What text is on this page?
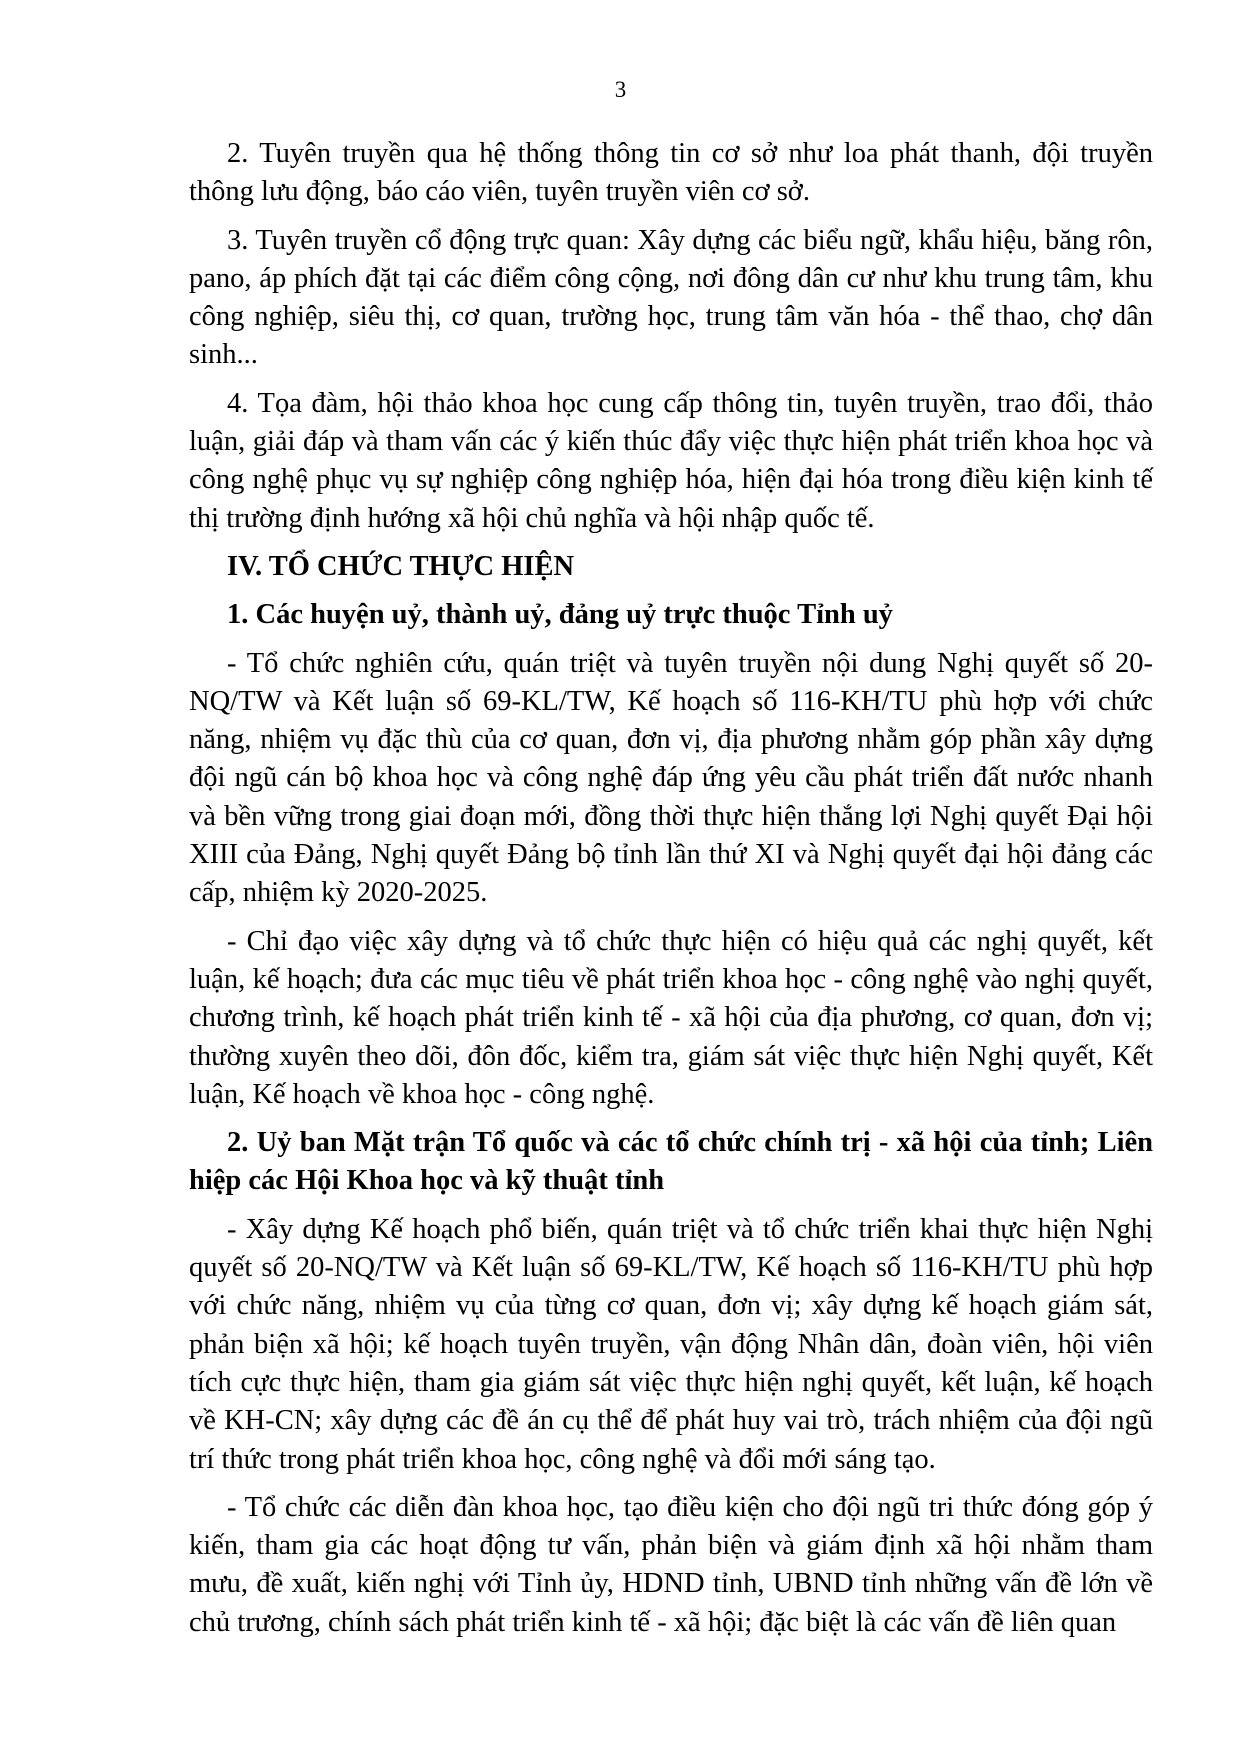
3

2. Tuyên truyền qua hệ thống thông tin cơ sở như loa phát thanh, đội truyền thông lưu động, báo cáo viên, tuyên truyền viên cơ sở.

3. Tuyên truyền cổ động trực quan: Xây dựng các biểu ngữ, khẩu hiệu, băng rôn, pano, áp phích đặt tại các điểm công cộng, nơi đông dân cư như khu trung tâm, khu công nghiệp, siêu thị, cơ quan, trường học, trung tâm văn hóa - thể thao, chợ dân sinh...

4. Tọa đàm, hội thảo khoa học cung cấp thông tin, tuyên truyền, trao đổi, thảo luận, giải đáp và tham vấn các ý kiến thúc đẩy việc thực hiện phát triển khoa học và công nghệ phục vụ sự nghiệp công nghiệp hóa, hiện đại hóa trong điều kiện kinh tế thị trường định hướng xã hội chủ nghĩa và hội nhập quốc tế.

IV. TỔ CHỨC THỰC HIỆN

1. Các huyện uỷ, thành uỷ, đảng uỷ trực thuộc Tỉnh uỷ

- Tổ chức nghiên cứu, quán triệt và tuyên truyền nội dung Nghị quyết số 20-NQ/TW và Kết luận số 69-KL/TW, Kế hoạch số 116-KH/TU phù hợp với chức năng, nhiệm vụ đặc thù của cơ quan, đơn vị, địa phương nhằm góp phần xây dựng đội ngũ cán bộ khoa học và công nghệ đáp ứng yêu cầu phát triển đất nước nhanh và bền vững trong giai đoạn mới, đồng thời thực hiện thắng lợi Nghị quyết Đại hội XIII của Đảng, Nghị quyết Đảng bộ tỉnh lần thứ XI và Nghị quyết đại hội đảng các cấp, nhiệm kỳ 2020-2025.

- Chỉ đạo việc xây dựng và tổ chức thực hiện có hiệu quả các nghị quyết, kết luận, kế hoạch; đưa các mục tiêu về phát triển khoa học - công nghệ vào nghị quyết, chương trình, kế hoạch phát triển kinh tế - xã hội của địa phương, cơ quan, đơn vị; thường xuyên theo dõi, đôn đốc, kiểm tra, giám sát việc thực hiện Nghị quyết, Kết luận, Kế hoạch về khoa học - công nghệ.

2. Uỷ ban Mặt trận Tổ quốc và các tổ chức chính trị - xã hội của tỉnh; Liên hiệp các Hội Khoa học và kỹ thuật tỉnh

- Xây dựng Kế hoạch phổ biến, quán triệt và tổ chức triển khai thực hiện Nghị quyết số 20-NQ/TW và Kết luận số 69-KL/TW, Kế hoạch số 116-KH/TU phù hợp với chức năng, nhiệm vụ của từng cơ quan, đơn vị; xây dựng kế hoạch giám sát, phản biện xã hội; kế hoạch tuyên truyền, vận động Nhân dân, đoàn viên, hội viên tích cực thực hiện, tham gia giám sát việc thực hiện nghị quyết, kết luận, kế hoạch về KH-CN; xây dựng các đề án cụ thể để phát huy vai trò, trách nhiệm của đội ngũ trí thức trong phát triển khoa học, công nghệ và đổi mới sáng tạo.

- Tổ chức các diễn đàn khoa học, tạo điều kiện cho đội ngũ tri thức đóng góp ý kiến, tham gia các hoạt động tư vấn, phản biện và giám định xã hội nhằm tham mưu, đề xuất, kiến nghị với Tỉnh ủy, HDND tỉnh, UBND tỉnh những vấn đề lớn về chủ trương, chính sách phát triển kinh tế - xã hội; đặc biệt là các vấn đề liên quan
